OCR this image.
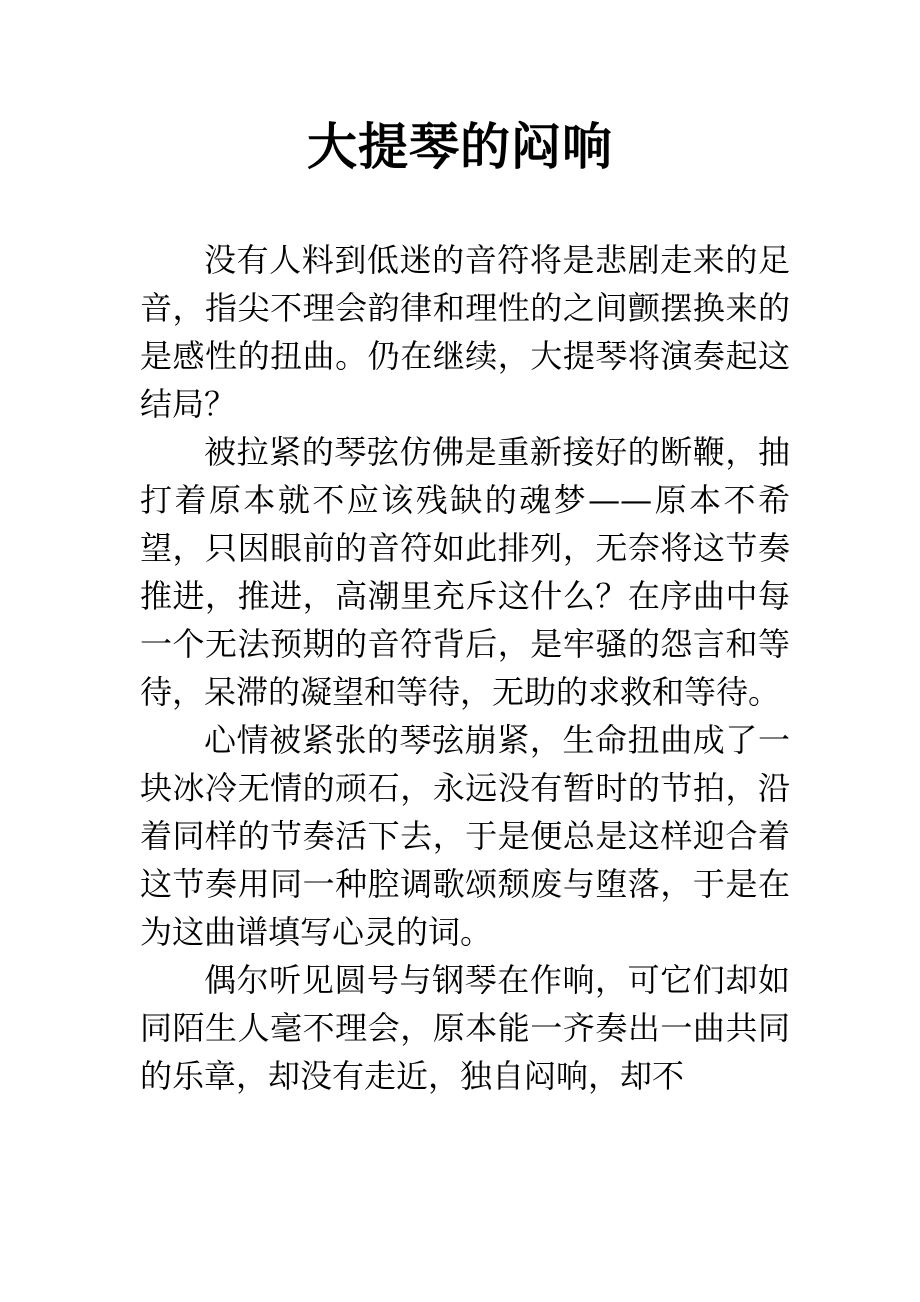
大提琴的闷响

没有人料到低迷的音符将是悲剧走来的足音，指尖不理会韵律和理性的之间颤摆换来的是感性的扭曲。仍在继续，大提琴将演奏起这结局？

被拉紧的琴弦仿佛是重新接好的断鞭，抽打着原本就不应该残缺的魂梦——原本不希望，只因眼前的音符如此排列，无奈将这节奏推进，推进，高潮里充斥这什么？在序曲中每一个无法预期的音符背后，是牢骚的怨言和等待，呆滞的凝望和等待，无助的求救和等待。

心情被紧张的琴弦崩紧，生命扭曲成了一块冰冷无情的顽石，永远没有暂时的节拍，沿着同样的节奏活下去，于是便总是这样迎合着这节奏用同一种腔调歌颂颓废与堕落，于是在为这曲谱填写心灵的词。

偶尔听见圆号与钢琴在作响，可它们却如同陌生人毫不理会，原本能一齐奏出一曲共同的乐章，却没有走近，独自闷响，却不
